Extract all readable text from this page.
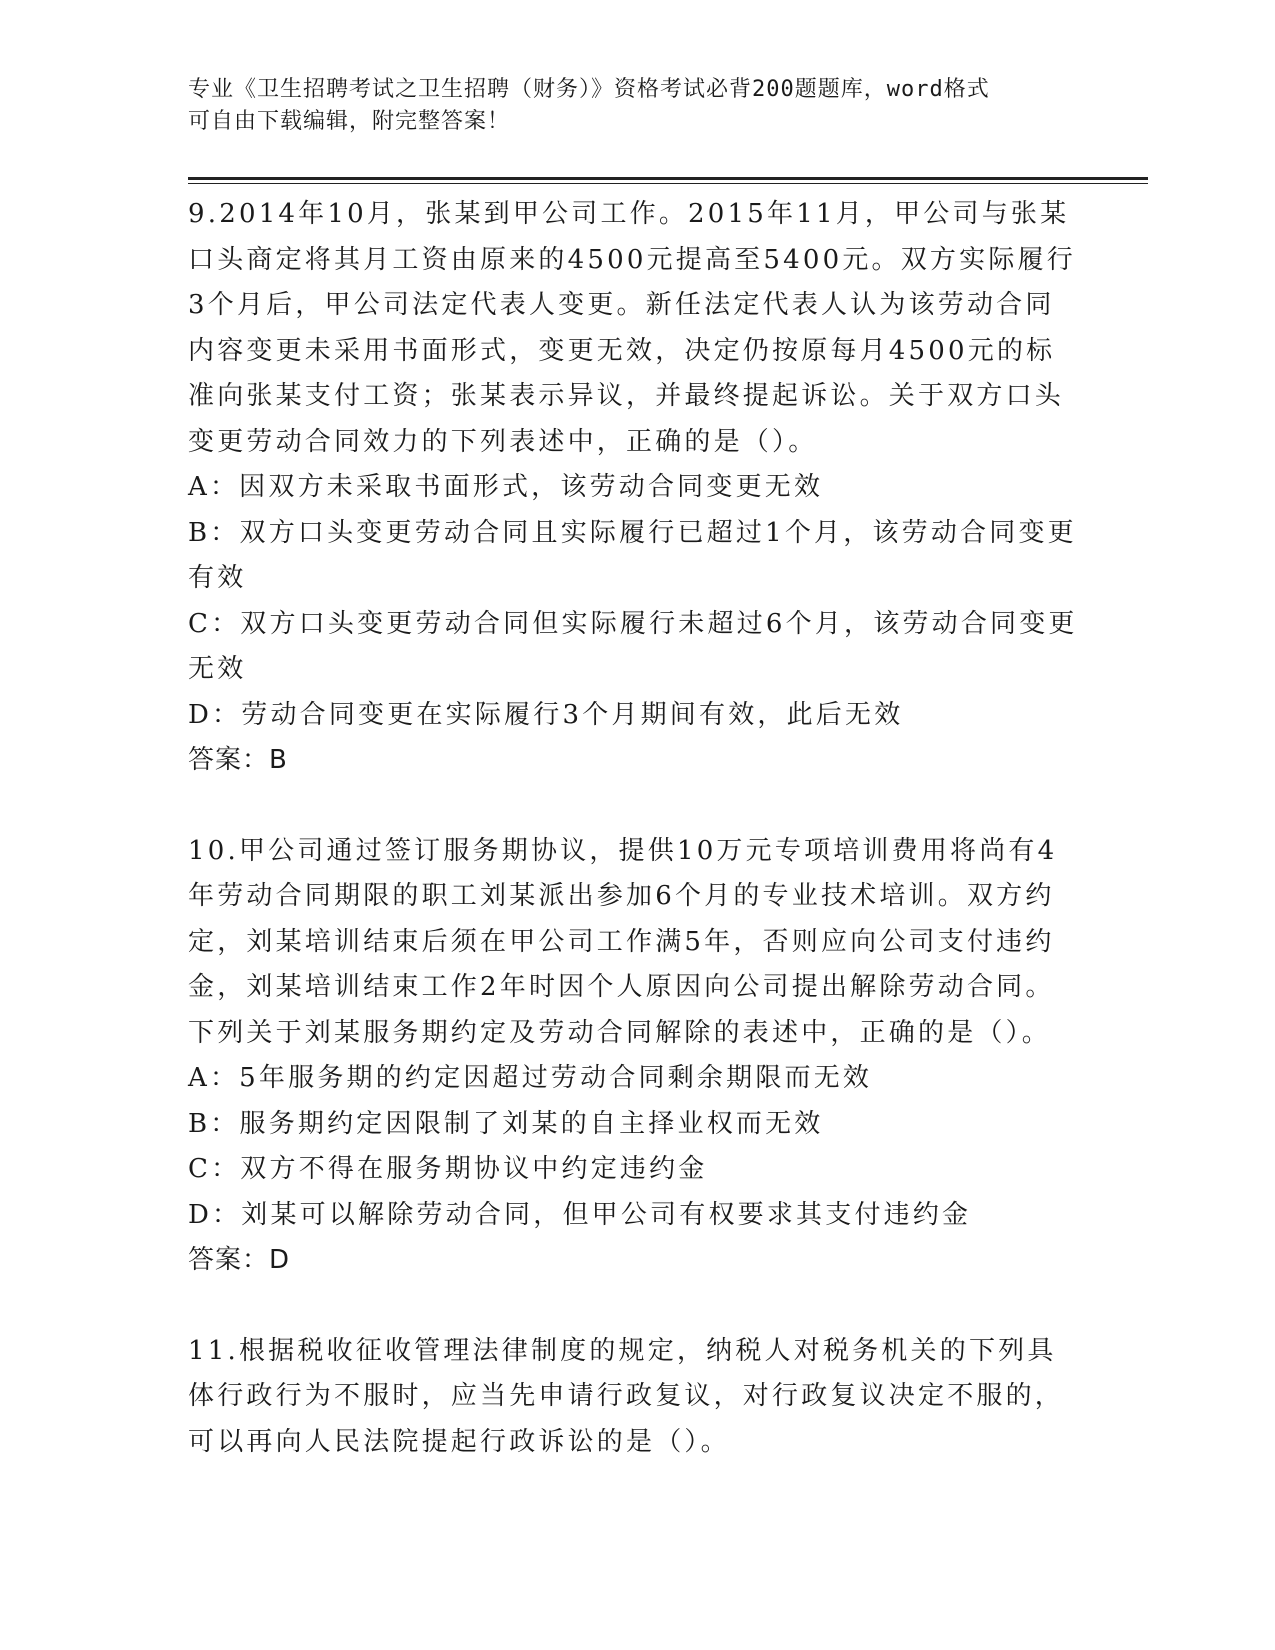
专业《卫生招聘考试之卫生招聘（财务）》资格考试必背200题题库，word格式
可自由下载编辑，附完整答案！

9.2014年10月，张某到甲公司工作。2015年11月，甲公司与张某口头商定将其月工资由原来的4500元提高至5400元。双方实际履行3个月后，甲公司法定代表人变更。新任法定代表人认为该劳动合同内容变更未采用书面形式，变更无效，决定仍按原每月4500元的标准向张某支付工资；张某表示异议，并最终提起诉讼。关于双方口头变更劳动合同效力的下列表述中，正确的是（）。

A：因双方未采取书面形式，该劳动合同变更无效

B：双方口头变更劳动合同且实际履行已超过1个月，该劳动合同变更有效

C：双方口头变更劳动合同但实际履行未超过6个月，该劳动合同变更无效

D：劳动合同变更在实际履行3个月期间有效，此后无效

答案：B

10.甲公司通过签订服务期协议，提供10万元专项培训费用将尚有4年劳动合同期限的职工刘某派出参加6个月的专业技术培训。双方约定，刘某培训结束后须在甲公司工作满5年，否则应向公司支付违约金，刘某培训结束工作2年时因个人原因向公司提出解除劳动合同。下列关于刘某服务期约定及劳动合同解除的表述中，正确的是（）。

A：5年服务期的约定因超过劳动合同剩余期限而无效

B：服务期约定因限制了刘某的自主择业权而无效

C：双方不得在服务期协议中约定违约金

D：刘某可以解除劳动合同，但甲公司有权要求其支付违约金

答案：D

11.根据税收征收管理法律制度的规定，纳税人对税务机关的下列具体行政行为不服时，应当先申请行政复议，对行政复议决定不服的，可以再向人民法院提起行政诉讼的是（）。
